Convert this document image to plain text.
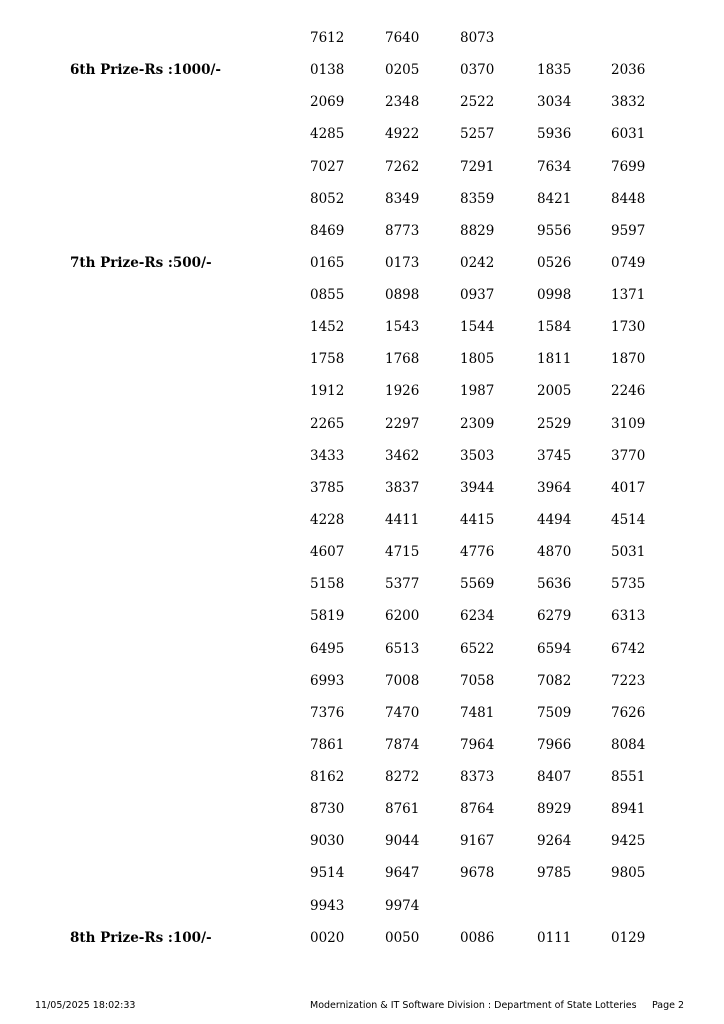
7612	7640	8073
6th Prize-Rs :1000/-	0138	0205	0370	1835	2036
2069	2348	2522	3034	3832
4285	4922	5257	5936	6031
7027	7262	7291	7634	7699
8052	8349	8359	8421	8448
8469	8773	8829	9556	9597
7th Prize-Rs :500/-	0165	0173	0242	0526	0749
0855	0898	0937	0998	1371
1452	1543	1544	1584	1730
1758	1768	1805	1811	1870
1912	1926	1987	2005	2246
2265	2297	2309	2529	3109
3433	3462	3503	3745	3770
3785	3837	3944	3964	4017
4228	4411	4415	4494	4514
4607	4715	4776	4870	5031
5158	5377	5569	5636	5735
5819	6200	6234	6279	6313
6495	6513	6522	6594	6742
6993	7008	7058	7082	7223
7376	7470	7481	7509	7626
7861	7874	7964	7966	8084
8162	8272	8373	8407	8551
8730	8761	8764	8929	8941
9030	9044	9167	9264	9425
9514	9647	9678	9785	9805
9943	9974
8th Prize-Rs :100/-	0020	0050	0086	0111	0129
11/05/2025 18:02:33	Modernization & IT Software Division : Department of State Lotteries Page 2
